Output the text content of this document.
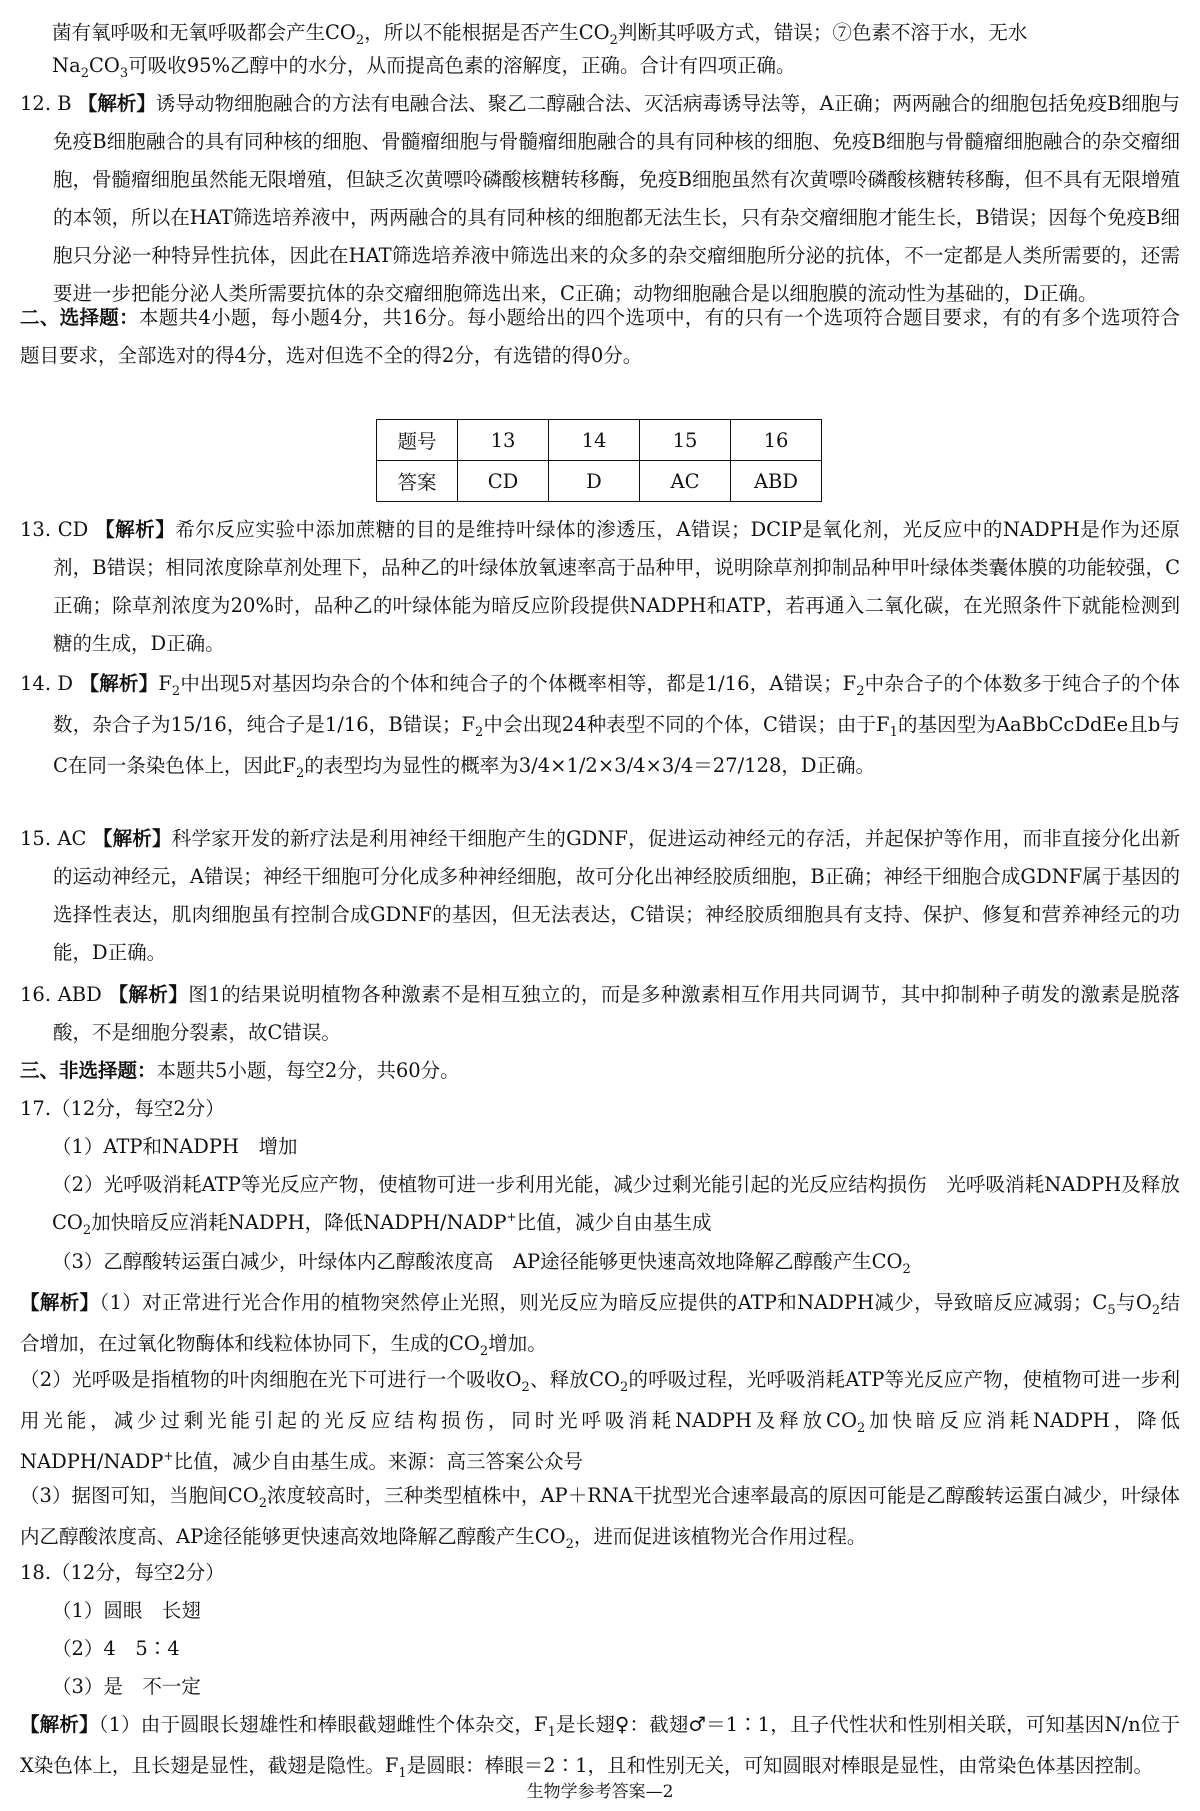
菌有氧呼吸和无氧呼吸都会产生$CO_2$，所以不能根据是否产生$CO_2$判断其呼吸方式，错误；⑦色素不溶于水，无水

$Na_2CO_3$可吸收95%乙醇中的水分，从而提高色素的溶解度，正确。合计有四项正确。

12. B 【解析】诱导动物细胞融合的方法有电融合法、聚乙二醇融合法、灭活病毒诱导法等，A正确；两两融合的细胞包括免疫B细胞与免疫B细胞融合的具有同种核的细胞、骨髓瘤细胞与骨髓瘤细胞融合的具有同种核的细胞、免疫B细胞与骨髓瘤细胞融合的杂交瘤细胞，骨髓瘤细胞虽然能无限增殖，但缺乏次黄嘌呤磷酸核糖转移酶，免疫B细胞虽然有次黄嘌呤磷酸核糖转移酶，但不具有无限增殖的本领，所以在HAT筛选培养液中，两两融合的具有同种核的细胞都无法生长，只有杂交瘤细胞才能生长，B错误；因每个免疫B细胞只分泌一种特异性抗体，因此在HAT筛选培养液中筛选出来的众多的杂交瘤细胞所分泌的抗体，不一定都是人类所需要的，还需要进一步把能分泌人类所需要抗体的杂交瘤细胞筛选出来，C正确；动物细胞融合是以细胞膜的流动性为基础的，D正确。

二、选择题：本题共4小题，每小题4分，共16分。每小题给出的四个选项中，有的只有一个选项符合题目要求，有的有多个选项符合题目要求，全部选对的得4分，选对但选不全的得2分，有选错的得0分。

题号	13	14	15	16
答案	CD	D	AC	ABD

13. CD 【解析】希尔反应实验中添加蔗糖的目的是维持叶绿体的渗透压，A错误；DCIP是氧化剂，光反应中的NADPH是作为还原剂，B错误；相同浓度除草剂处理下，品种乙的叶绿体放氧速率高于品种甲，说明除草剂抑制品种甲叶绿体类囊体膜的功能较强，C正确；除草剂浓度为20%时，品种乙的叶绿体能为暗反应阶段提供NADPH和ATP，若再通入二氧化碳，在光照条件下就能检测到糖的生成，D正确。

14. D 【解析】$F_2$中出现5对基因均杂合的个体和纯合子的个体概率相等，都是1/16，A错误；$F_2$中杂合子的个体数多于纯合子的个体数，杂合子为15/16，纯合子是1/16，B错误；$F_2$中会出现24种表型不同的个体，C错误；由于$F_1$的基因型为AaBbCcDdEe且b与C在同一条染色体上，因此$F_2$的表型均为显性的概率为3/4×1/2×3/4×3/4＝27/128，D正确。

15. AC 【解析】科学家开发的新疗法是利用神经干细胞产生的GDNF，促进运动神经元的存活，并起保护等作用，而非直接分化出新的运动神经元，A错误；神经干细胞可分化成多种神经细胞，故可分化出神经胶质细胞，B正确；神经干细胞合成GDNF属于基因的选择性表达，肌肉细胞虽有控制合成GDNF的基因，但无法表达，C错误；神经胶质细胞具有支持、保护、修复和营养神经元的功能，D正确。

16. ABD 【解析】图1的结果说明植物各种激素不是相互独立的，而是多种激素相互作用共同调节，其中抑制种子萌发的激素是脱落酸，不是细胞分裂素，故C错误。

三、非选择题：本题共5小题，每空2分，共60分。

17.（12分，每空2分）

（1）ATP和NADPH　增加

（2）光呼吸消耗ATP等光反应产物，使植物可进一步利用光能，减少过剩光能引起的光反应结构损伤　光呼吸消耗NADPH及释放$CO_2$加快暗反应消耗NADPH，降低NADPH/NADP+比值，减少自由基生成

（3）乙醇酸转运蛋白减少，叶绿体内乙醇酸浓度高　AP途径能够更快速高效地降解乙醇酸产生$CO_2$

【解析】（1）对正常进行光合作用的植物突然停止光照，则光反应为暗反应提供的ATP和NADPH减少，导致暗反应减弱；$C_5$与$O_2$结合增加，在过氧化物酶体和线粒体协同下，生成的$CO_2$增加。

（2）光呼吸是指植物的叶肉细胞在光下可进行一个吸收$O_2$、释放$CO_2$的呼吸过程，光呼吸消耗ATP等光反应产物，使植物可进一步利用光能，减少过剩光能引起的光反应结构损伤，同时光呼吸消耗NADPH及释放$CO_2$加快暗反应消耗NADPH，降低NADPH/NADP+比值，减少自由基生成。来源：高三答案公众号

（3）据图可知，当胞间$CO_2$浓度较高时，三种类型植株中，AP＋RNA干扰型光合速率最高的原因可能是乙醇酸转运蛋白减少，叶绿体内乙醇酸浓度高、AP途径能够更快速高效地降解乙醇酸产生$CO_2$，进而促进该植物光合作用过程。

18.（12分，每空2分）

（1）圆眼　长翅

（2）4　5∶4

（3）是　不一定

【解析】（1）由于圆眼长翅雄性和棒眼截翅雌性个体杂交，$F_1$是长翅♀：截翅♂＝1∶1，且子代性状和性别相关联，可知基因N/n位于X染色体上，且长翅是显性，截翅是隐性。$F_1$是圆眼：棒眼＝2∶1，且和性别无关，可知圆眼对棒眼是显性，由常染色体基因控制。

生物学参考答案—2
